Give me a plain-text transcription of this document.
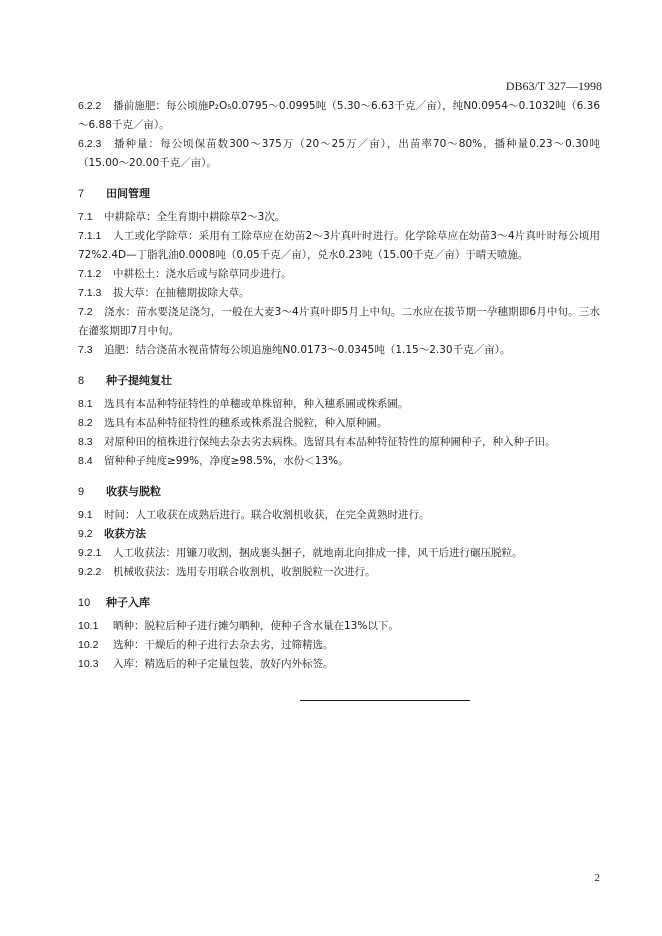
DB63/T 327—1998

6.2.2 播前施肥：每公顷施P₂O₅0.0795～0.0995吨（5.30～6.63千克／亩），纯N0.0954～0.1032吨（6.36～6.88千克／亩）。

6.2.3 播种量：每公顷保苗数300～375万（20～25万／亩），出苗率70～80%，播种量0.23～0.30吨（15.00～20.00千克／亩）。

7 田间管理

7.1 中耕除草：全生育期中耕除草2～3次。

7.1.1 人工或化学除草：采用有工除草应在幼苗2～3片真叶时进行。化学除草应在幼苗3～4片真叶时每公顷用72%2.4D—丁脂乳油0.0008吨（0.05千克／亩），兑水0.23吨（15.00千克／亩）于晴天喷施。

7.1.2 中耕松土：浇水后或与除草同步进行。

7.1.3 拔大草：在抽穗期拔除大草。

7.2 浇水：苗水要浇足浇匀，一般在大麦3～4片真叶即5月上中旬。二水应在拔节期一孕穗期即6月中旬。三水在灌浆期即7月中旬。

7.3 追肥：结合浇苗水视苗情每公顷追施纯N0.0173～0.0345吨（1.15～2.30千克／亩）。

8 种子提纯复壮

8.1 选具有本品种特征特性的单穗或单株留种，种入穗系圃或株系圃。

8.2 选具有本品种特征特性的穗系或株系混合脱粒，种入原种圃。

8.3 对原种田的植株进行保纯去杂去劣去病株。选留具有本品种特征特性的原种圃种子，种入种子田。

8.4 留种种子纯度≥99%，净度≥98.5%，水份＜13%。

9 收获与脱粒

9.1 时间：人工收获在成熟后进行。联合收割机收获，在完全黄熟时进行。

9.2 收获方法

9.2.1 人工收获法：用镰刀收割，捆成裹头捆子，就地南北向排成一排，风干后进行碾压脱粒。

9.2.2 机械收获法：选用专用联合收割机，收割脱粒一次进行。

10 种子入库

10.1 晒种：脱粒后种子进行摊匀晒种，使种子含水量在13%以下。

10.2 选种：干燥后的种子进行去杂去劣，过筛精选。

10.3 入库：精选后的种子定量包装，放好内外标签。

2
